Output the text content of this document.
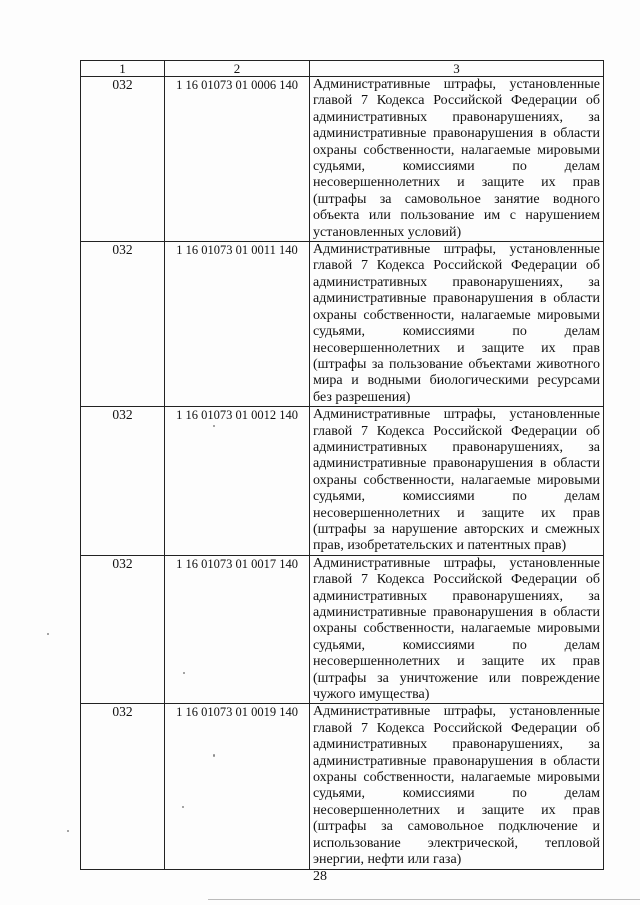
1	2	3
032	1 16 01073 01 0006 140	Административные штрафы, установленные главой 7 Кодекса Российской Федерации об административных правонарушениях, за административные правонарушения в области охраны собственности, налагаемые мировыми судьями, комиссиями по делам несовершеннолетних и защите их прав (штрафы за самовольное занятие водного объекта или пользование им с нарушением установленных условий)

032	1 16 01073 01 0011 140	Административные штрафы, установленные главой 7 Кодекса Российской Федерации об административных правонарушениях, за административные правонарушения в области охраны собственности, налагаемые мировыми судьями, комиссиями по делам несовершеннолетних и защите их прав (штрафы за пользование объектами животного мира и водными биологическими ресурсами без разрешения)

032	1 16 01073 01 0012 140	Административные штрафы, установленные главой 7 Кодекса Российской Федерации об административных правонарушениях, за административные правонарушения в области охраны собственности, налагаемые мировыми судьями, комиссиями по делам несовершеннолетних и защите их прав (штрафы за нарушение авторских и смежных прав, изобретательских и патентных прав)

032	1 16 01073 01 0017 140	Административные штрафы, установленные главой 7 Кодекса Российской Федерации об административных правонарушениях, за административные правонарушения в области охраны собственности, налагаемые мировыми судьями, комиссиями по делам несовершеннолетних и защите их прав (штрафы за уничтожение или повреждение чужого имущества)

032	1 16 01073 01 0019 140	Административные штрафы, установленные главой 7 Кодекса Российской Федерации об административных правонарушениях, за административные правонарушения в области охраны собственности, налагаемые мировыми судьями, комиссиями по делам несовершеннолетних и защите их прав (штрафы за самовольное подключение и использование электрической, тепловой энергии, нефти или газа)
28
